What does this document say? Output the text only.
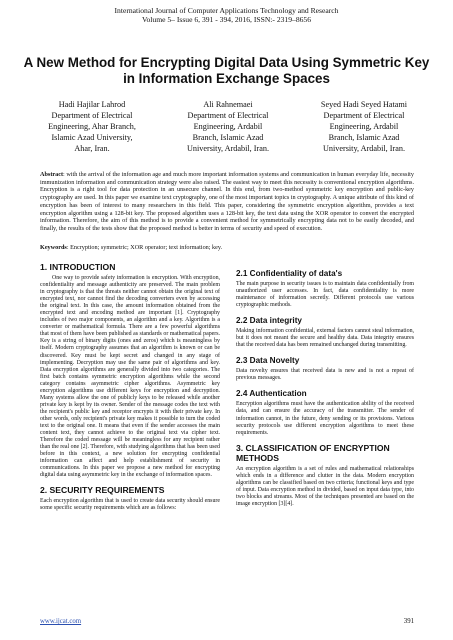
International Journal of Computer Applications Technology and Research
Volume 5– Issue 6, 391 - 394, 2016, ISSN:- 2319–8656
A New Method for Encrypting Digital Data Using Symmetric Key in Information Exchange Spaces
Hadi Hajilar Lahrod
Department of Electrical
Engineering, Ahar Branch,
Islamic Azad University,
Ahar, Iran.
Ali Rahnemaei
Department of Electrical
Engineering, Ardabil
Branch, Islamic Azad
University, Ardabil, Iran.
Seyed Hadi Seyed Hatami
Department of Electrical
Engineering, Ardabil
Branch, Islamic Azad
University, Ardabil, Iran.
Abstract: with the arrival of the information age and much more important information systems and communication in human everyday life, necessity immunization information and communication strategy were also raised. The easiest way to meet this necessity is conventional encryption algorithms. Encryption is a right tool for data protection in an unsecure channel. In this end, from two-method symmetric key encryption and public-key cryptography are used. In this paper we examine text cryptography, one of the most important topics in cryptography. A unique attribute of this kind of encryption has been of interest to many researchers in this field. This paper, considering the symmetric encryption algorithm, provides a text encryption algorithm using a 128-bit key. The proposed algorithm uses a 128-bit key, the text data using the XOR operator to convert the encrypted information. Therefore, the aim of this method is to provide a convenient method for symmetrically encrypting data not to be easily decoded, and finally, the results of the tests show that the proposed method is better in terms of security and speed of execution.
Keywords: Encryption; symmetric; XOR operator; text information; key.
1. INTRODUCTION

One way to provide safety information is encryption. With encryption, confidentiality and message authenticity are preserved. The main problem in cryptography is that the threats neither cannot obtain the original text of encrypted text, nor cannot find the decoding converters even by accessing the original text. In this case, the amount information obtained from the encrypted text and encoding method are important [1]. Cryptography includes of two major components, an algorithm and a key. Algorithm is a converter or mathematical formula. There are a few powerful algorithms that most of them have been published as standards or mathematical papers. Key is a string of binary digits (ones and zeros) which is meaningless by itself. Modern cryptography assumes that an algorithm is known or can be discovered. Key must be kept secret and changed in any stage of implementing. Decryption may use the same pair of algorithms and key. Data encryption algorithms are generally divided into two categories. The first batch contains symmetric encryption algorithms while the second category contains asymmetric cipher algorithms. Asymmetric key encryption algorithms use different keys for encryption and decryption. Many systems allow the one of publicly keys to be released while another private key is kept by its owner. Sender of the message codes the text with the recipient's public key and receptor encrypts it with their private key. In other words, only recipient's private key makes it possible to turn the coded text to the original one. It means that even if the sender accesses the main content text, they cannot achieve to the original text via cipher text. Therefore the coded message will be meaningless for any recipient rather than the real one [2]. Therefore, with studying algorithms that has been used before in this context, a new solution for encrypting confidential information can affect and help establishment of security in communications. In this paper we propose a new method for encrypting digital data using asymmetric key in the exchange of information spaces.

2. SECURITY REQUIREMENTS

Each encryption algorithm that is used to create data security should ensure some specific security requirements which are as follows:

2.1 Confidentiality of data's

The main purpose in security issues is to maintain data confidentially from unauthorized user accesses. In fact, data confidentiality is more maintenance of information secretly. Different protocols use various cryptographic methods.

2.2 Data integrity

Making information confidential, external factors cannot steal information, but it does not meant the secure and healthy data. Data integrity ensures that the received data has been remained unchanged during transmitting.

2.3 Data Novelty

Data novelty ensures that received data is new and is not a repeat of previous messages.

2.4 Authentication

Encryption algorithms must have the authentication ability of the received data, and can ensure the accuracy of the transmitter. The sender of information cannot, in the future, deny sending or its provisions. Various security protocols use different encryption algorithms to meet these requirements.

3. CLASSIFICATION OF ENCRYPTION METHODS

An encryption algorithm is a set of rules and mathematical relationships which ends in a difference and clutter in the data. Modern encryption algorithms can be classified based on two criteria; functional keys and type of input. Data encryption method in divided, based on input data type, into two blocks and streams. Most of the techniques presented are based on the image encryption [3][4].

www.ijcat.com	391
